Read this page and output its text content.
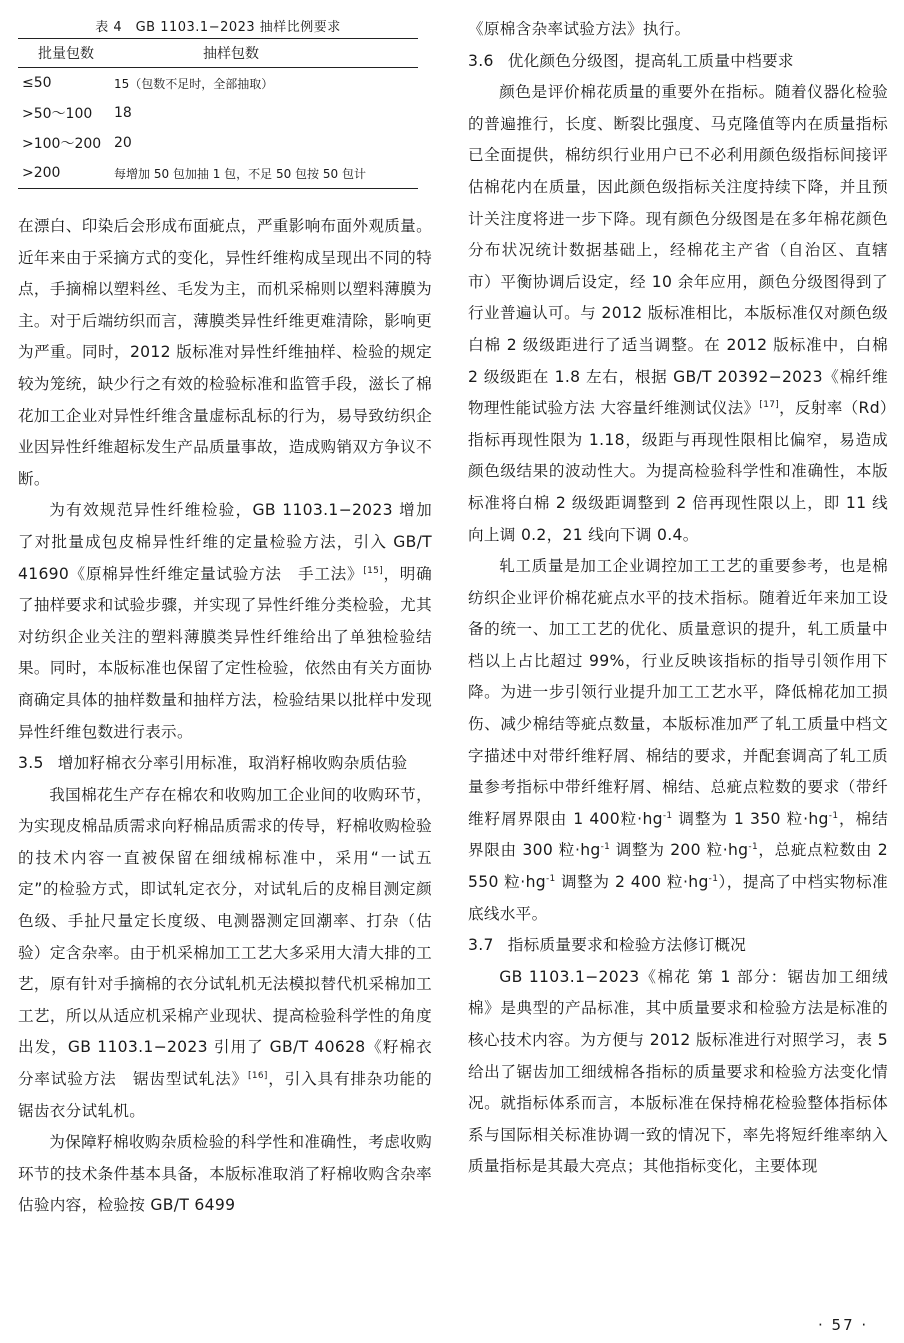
表 4　GB 1103.1−2023 抽样比例要求
批量包数	抽样包数
≤50	15（包数不足时，全部抽取）
>50～100	18
>100～200 20
>200	每增加 50 包加抽 1 包，不足 50 包按 50 包计

在漂白、印染后会形成布面疵点，严重影响布面外观质量。近年来由于采摘方式的变化，异性纤维构成呈现出不同的特点，手摘棉以塑料丝、毛发为主，而机采棉则以塑料薄膜为主。对于后端纺织而言，薄膜类异性纤维更难清除，影响更为严重。同时，2012 版标准对异性纤维抽样、检验的规定较为笼统，缺少行之有效的检验标准和监管手段，滋长了棉花加工企业对异性纤维含量虚标乱标的行为，易导致纺织企业因异性纤维超标发生产品质量事故，造成购销双方争议不断。

为有效规范异性纤维检验，GB 1103.1−2023 增加了对批量成包皮棉异性纤维的定量检验方法，引入 GB/T 41690《原棉异性纤维定量试验方法　手工法》[15]，明确了抽样要求和试验步骤，并实现了异性纤维分类检验，尤其对纺织企业关注的塑料薄膜类异性纤维给出了单独检验结果。同时，本版标准也保留了定性检验，依然由有关方面协商确定具体的抽样数量和抽样方法，检验结果以批样中发现异性纤维包数进行表示。

3.5 增加籽棉衣分率引用标准，取消籽棉收购杂质估验

我国棉花生产存在棉农和收购加工企业间的收购环节，为实现皮棉品质需求向籽棉品质需求的传导，籽棉收购检验的技术内容一直被保留在细绒棉标准中，采用“一试五定”的检验方式，即试轧定衣分，对试轧后的皮棉目测定颜色级、手扯尺量定长度级、电测器测定回潮率、打杂（估验）定含杂率。由于机采棉加工工艺大多采用大清大排的工艺，原有针对手摘棉的衣分试轧机无法模拟替代机采棉加工工艺，所以从适应机采棉产业现状、提高检验科学性的角度出发，GB 1103.1−2023 引用了 GB/T 40628《籽棉衣分率试验方法　锯齿型试轧法》[16]，引入具有排杂功能的锯齿衣分试轧机。

为保障籽棉收购杂质检验的科学性和准确性，考虑收购环节的技术条件基本具备，本版标准取消了籽棉收购含杂率估验内容，检验按 GB/T 6499

《原棉含杂率试验方法》执行。

3.6 优化颜色分级图，提高轧工质量中档要求

颜色是评价棉花质量的重要外在指标。随着仪器化检验的普遍推行，长度、断裂比强度、马克隆值等内在质量指标已全面提供，棉纺织行业用户已不必利用颜色级指标间接评估棉花内在质量，因此颜色级指标关注度持续下降，并且预计关注度将进一步下降。现有颜色分级图是在多年棉花颜色分布状况统计数据基础上，经棉花主产省（自治区、直辖市）平衡协调后设定，经 10 余年应用，颜色分级图得到了行业普遍认可。与 2012 版标准相比，本版标准仅对颜色级白棉 2 级级距进行了适当调整。在 2012 版标准中，白棉 2 级级距在 1.8 左右，根据 GB/T 20392−2023《棉纤维物理性能试验方法 大容量纤维测试仪法》[17]，反射率（Rd）指标再现性限为 1.18，级距与再现性限相比偏窄，易造成颜色级结果的波动性大。为提高检验科学性和准确性，本版标准将白棉 2 级级距调整到 2 倍再现性限以上，即 11 线向上调 0.2，21 线向下调 0.4。

轧工质量是加工企业调控加工工艺的重要参考，也是棉纺织企业评价棉花疵点水平的技术指标。随着近年来加工设备的统一、加工工艺的优化、质量意识的提升，轧工质量中档以上占比超过 99%，行业反映该指标的指导引领作用下降。为进一步引领行业提升加工工艺水平，降低棉花加工损伤、减少棉结等疵点数量，本版标准加严了轧工质量中档文字描述中对带纤维籽屑、棉结的要求，并配套调高了轧工质量参考指标中带纤维籽屑、棉结、总疵点粒数的要求（带纤维籽屑界限由 1 400粒$\cdot hg^{-1}$ 调整为 1 350 粒$\cdot hg^{-1}$，棉结界限由 300 粒$\cdot hg^{-1}$ 调整为 200 粒$\cdot hg^{-1}$，总疵点粒数由 2 550 粒$\cdot hg^{-1}$ 调整为 2 400 粒$\cdot hg^{-1}$），提高了中档实物标准底线水平。

3.7 指标质量要求和检验方法修订概况

GB 1103.1−2023《棉花 第 1 部分：锯齿加工细绒棉》是典型的产品标准，其中质量要求和检验方法是标准的核心技术内容。为方便与 2012 版标准进行对照学习，表 5 给出了锯齿加工细绒棉各指标的质量要求和检验方法变化情况。就指标体系而言，本版标准在保持棉花检验整体指标体系与国际相关标准协调一致的情况下，率先将短纤维率纳入质量指标是其最大亮点；其他指标变化，主要体现

· 57 ·
